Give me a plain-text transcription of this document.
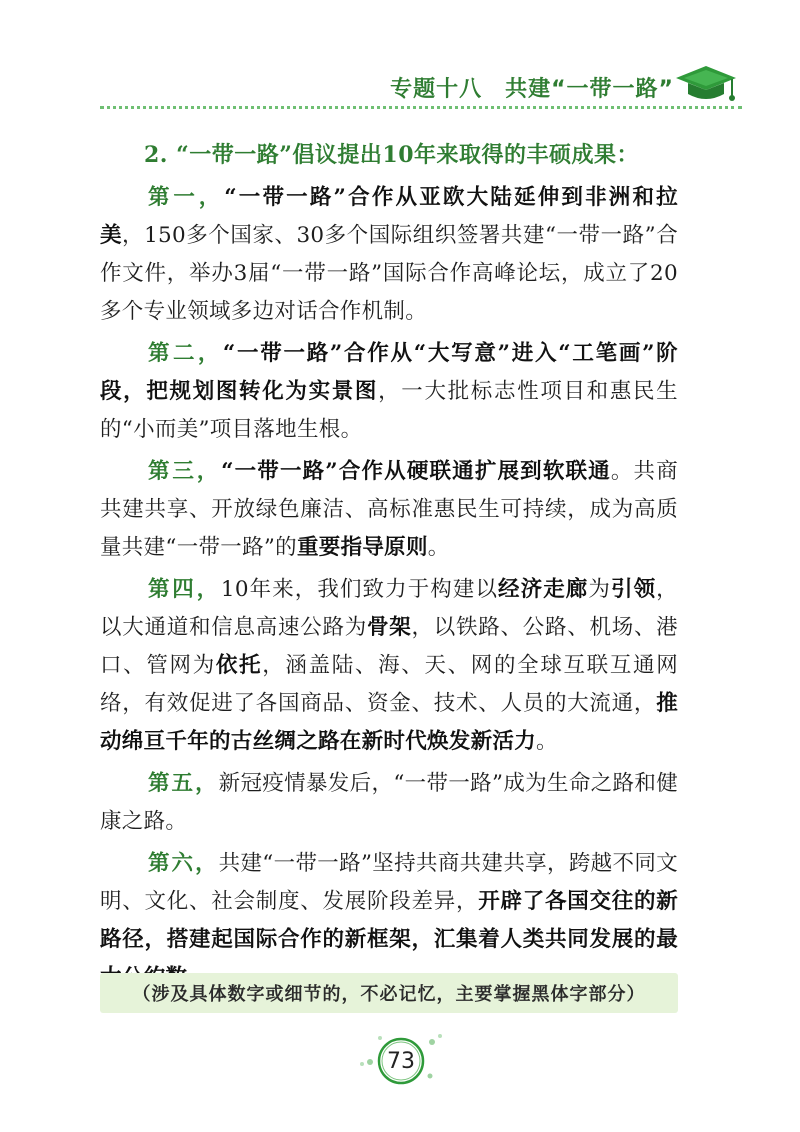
专题十八　共建“一带一路”
2. “一带一路”倡议提出10年来取得的丰硕成果：
第一，“一带一路”合作从亚欧大陆延伸到非洲和拉美，150多个国家、30多个国际组织签署共建“一带一路”合作文件，举办3届“一带一路”国际合作高峰论坛，成立了20多个专业领域多边对话合作机制。
第二，“一带一路”合作从“大写意”进入“工笔画”阶段，把规划图转化为实景图，一大批标志性项目和惠民生的“小而美”项目落地生根。
第三，“一带一路”合作从硬联通扩展到软联通。共商共建共享、开放绿色廉洁、高标准惠民生可持续，成为高质量共建“一带一路”的重要指导原则。
第四，10年来，我们致力于构建以经济走廊为引领，以大通道和信息高速公路为骨架，以铁路、公路、机场、港口、管网为依托，涵盖陆、海、天、网的全球互联互通网络，有效促进了各国商品、资金、技术、人员的大流通，推动绵亘千年的古丝绸之路在新时代焕发新活力。
第五，新冠疫情暴发后，“一带一路”成为生命之路和健康之路。
第六，共建“一带一路”坚持共商共建共享，跨越不同文明、文化、社会制度、发展阶段差异，开辟了各国交往的新路径，搭建起国际合作的新框架，汇集着人类共同发展的最
（涉及具体数字或细节的，不必记忆，主要掌握黑体字部分）
73
